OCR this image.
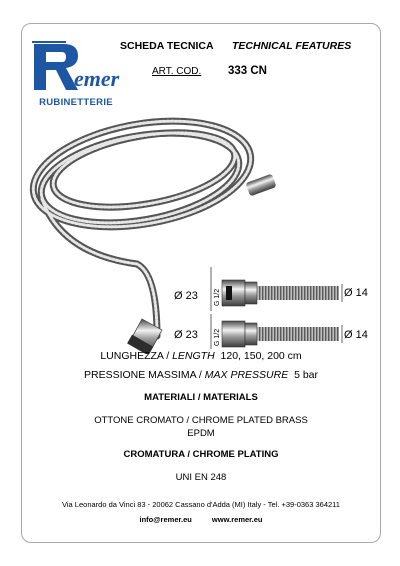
emer
RUBINETTERIE
SCHEDA TECNICA TECHNICAL FEATURES
ART. COD. 333 CN
Ø 23 G 1/2	Ø 14
Ø 23 G 1/2	Ø 14
LUNGHEZZA / LENGTH 120, 150, 200 cm
PRESSIONE MASSIMA / MAX PRESSURE 5 bar
MATERIALI / MATERIALS
OTTONE CROMATO / CHROME PLATED BRASS
EPDM
CROMATURA / CHROME PLATING
UNI EN 248
Via Leonardo da Vinci 83 - 20062 Cassano d'Adda (MI) Italy - Tel. +39-0363 364211
info@remer.eu	www.remer.eu
